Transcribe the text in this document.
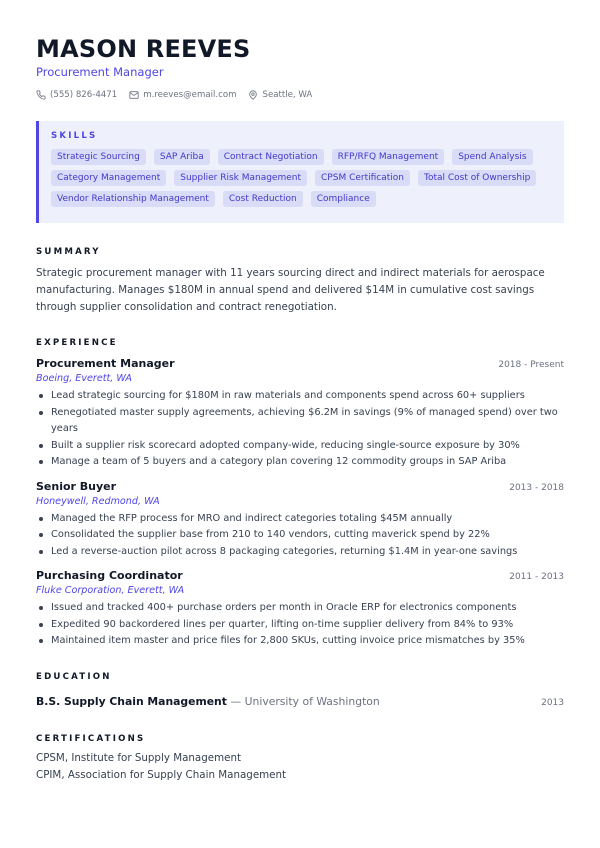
MASON REEVES
Procurement Manager
(555) 826-4471	m.reeves@email.com	Seattle, WA
SKILLS
Strategic Sourcing	SAP Ariba	Contract Negotiation	RFP/RFQ Management	Spend Analysis
Category Management	Supplier Risk Management	CPSM Certification	Total Cost of Ownership
Vendor Relationship Management	Cost Reduction	Compliance
SUMMARY

Strategic procurement manager with 11 years sourcing direct and indirect materials for aerospace manufacturing. Manages $180M in annual spend and delivered $14M in cumulative cost savings through supplier consolidation and contract renegotiation.

EXPERIENCE
Procurement Manager	2018 - Present
Boeing, Everett, WA
Lead strategic sourcing for $180M in raw materials and components spend across 60+ suppliers
Renegotiated master supply agreements, achieving $6.2M in savings (9% of managed spend) over two years
Built a supplier risk scorecard adopted company-wide, reducing single-source exposure by 30%
Manage a team of 5 buyers and a category plan covering 12 commodity groups in SAP Ariba
Senior Buyer	2013 - 2018
Honeywell, Redmond, WA
Managed the RFP process for MRO and indirect categories totaling $45M annually
Consolidated the supplier base from 210 to 140 vendors, cutting maverick spend by 22%
Led a reverse-auction pilot across 8 packaging categories, returning $1.4M in year-one savings
Purchasing Coordinator	2011 - 2013
Fluke Corporation, Everett, WA
Issued and tracked 400+ purchase orders per month in Oracle ERP for electronics components
Expedited 90 backordered lines per quarter, lifting on-time supplier delivery from 84% to 93%
Maintained item master and price files for 2,800 SKUs, cutting invoice price mismatches by 35%
EDUCATION
B.S. Supply Chain Management — University of Washington	2013
CERTIFICATIONS
CPSM, Institute for Supply Management
CPIM, Association for Supply Chain Management
